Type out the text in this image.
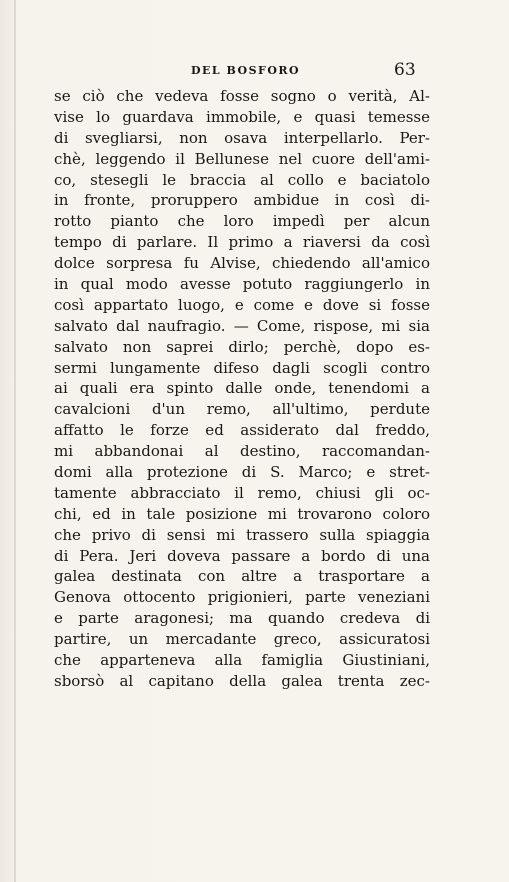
DEL BOSFORO	63
se ciò che vedeva fosse sogno o verità, Al-
vise lo guardava immobile, e quasi temesse
di svegliarsi, non osava interpellarlo. Per-
chè, leggendo il Bellunese nel cuore dell'ami-
co, stesegli le braccia al collo e baciatolo
in fronte, proruppero ambidue in così di-
rotto pianto che loro impedì per alcun
tempo di parlare. Il primo a riaversi da così
dolce sorpresa fu Alvise, chiedendo all'amico
in qual modo avesse potuto raggiungerlo in
così appartato luogo, e come e dove si fosse
salvato dal naufragio. — Come, rispose, mi sia
salvato non saprei dirlo; perchè, dopo es-
sermi lungamente difeso dagli scogli contro
ai quali era spinto dalle onde, tenendomi a
cavalcioni d'un remo, all'ultimo, perdute
affatto le forze ed assiderato dal freddo,
mi abbandonai al destino, raccomandan-
domi alla protezione di S. Marco; e stret-
tamente abbracciato il remo, chiusi gli oc-
chi, ed in tale posizione mi trovarono coloro
che privo di sensi mi trassero sulla spiaggia
di Pera. Jeri doveva passare a bordo di una
galea destinata con altre a trasportare a
Genova ottocento prigionieri, parte veneziani
e parte aragonesi; ma quando credeva di
partire, un mercadante greco, assicuratosi
che apparteneva alla famiglia Giustiniani,
sborsò al capitano della galea trenta zec-
